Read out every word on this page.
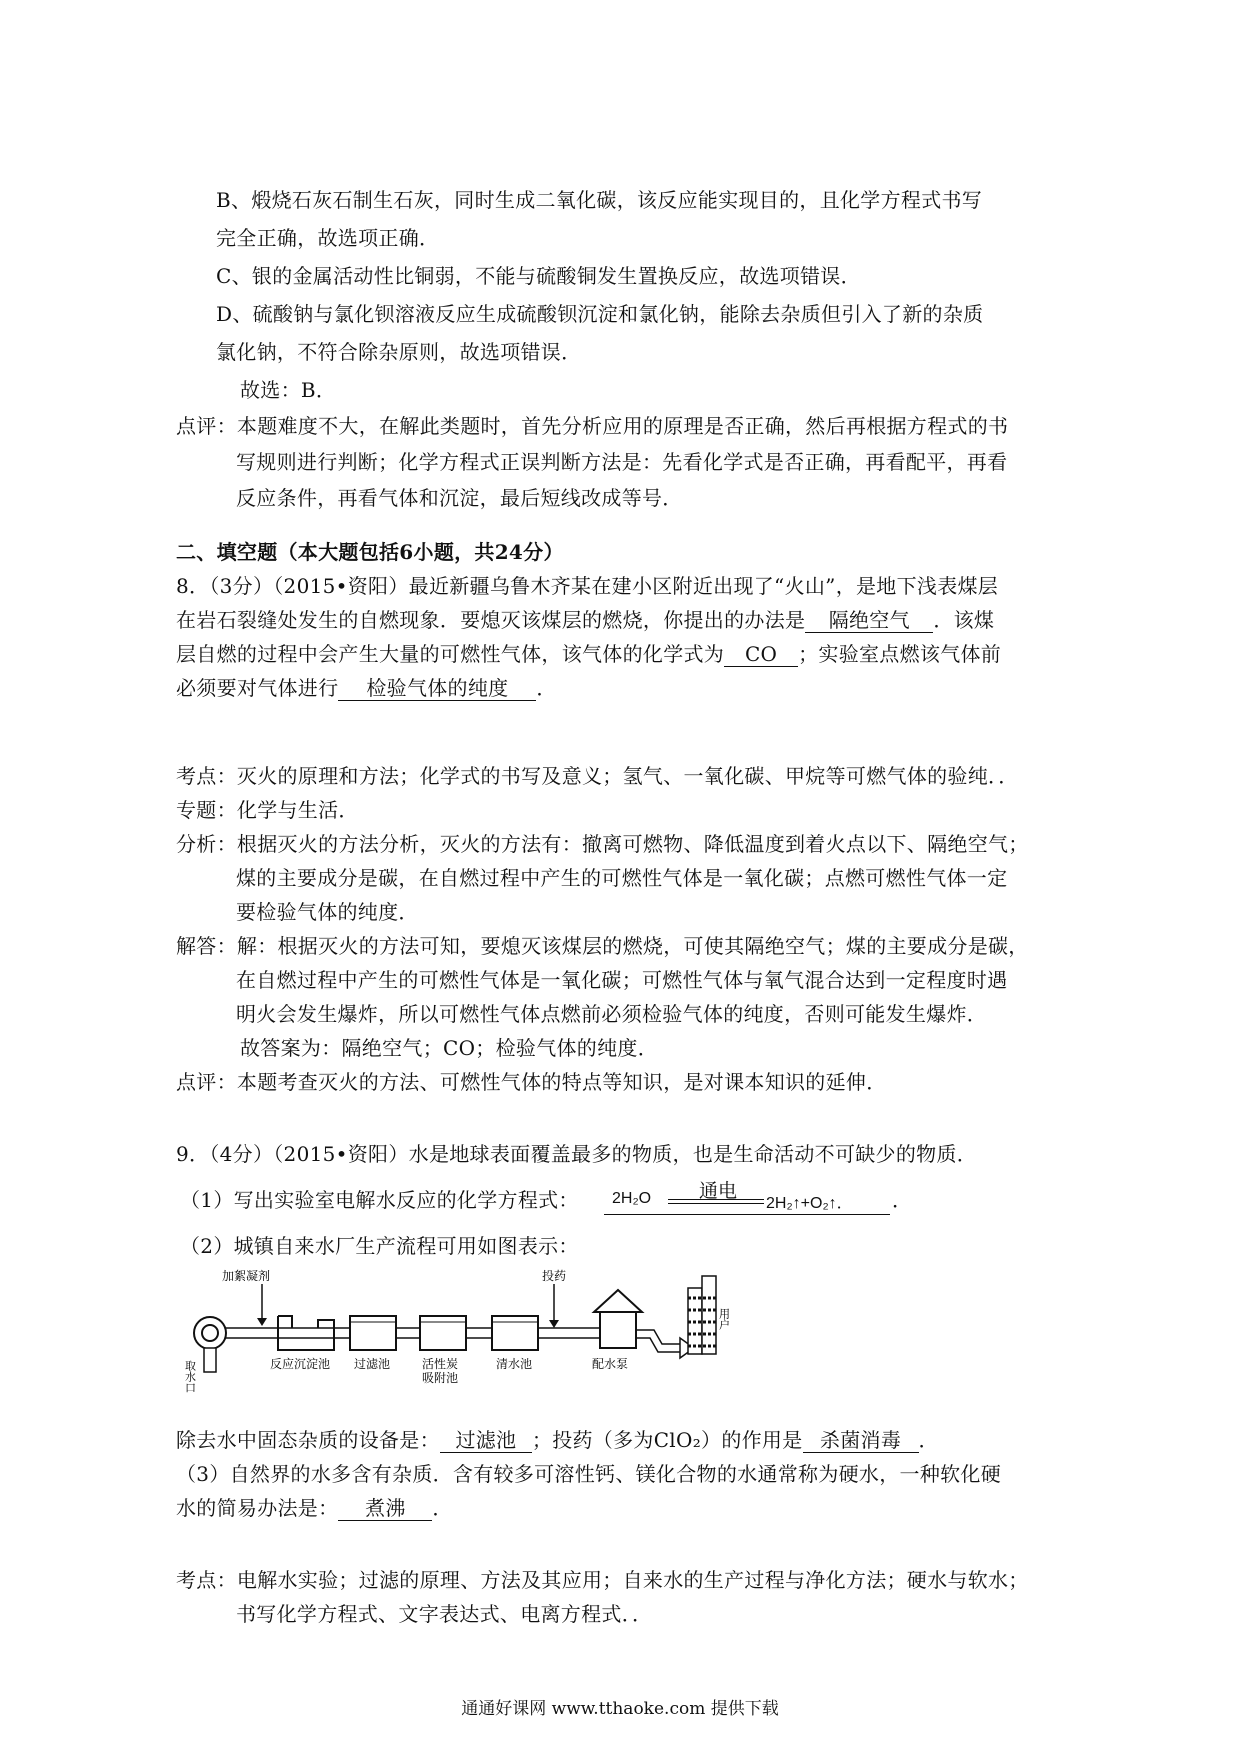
B、煅烧石灰石制生石灰，同时生成二氧化碳，该反应能实现目的，且化学方程式书写
完全正确，故选项正确．
C、银的金属活动性比铜弱，不能与硫酸铜发生置换反应，故选项错误．
D、硫酸钠与氯化钡溶液反应生成硫酸钡沉淀和氯化钠，能除去杂质但引入了新的杂质
氯化钠，不符合除杂原则，故选项错误．
故选：B．
点评：本题难度不大，在解此类题时，首先分析应用的原理是否正确，然后再根据方程式的书
写规则进行判断；化学方程式正误判断方法是：先看化学式是否正确，再看配平，再看
反应条件，再看气体和沉淀，最后短线改成等号．
二、填空题（本大题包括6小题，共24分）
8．（3分）（2015•资阳）最近新疆乌鲁木齐某在建小区附近出现了“火山”，是地下浅表煤层
在岩石裂缝处发生的自燃现象．要熄灭该煤层的燃烧，你提出的办法是 隔绝空气 ．该煤
层自燃的过程中会产生大量的可燃性气体，该气体的化学式为 CO ；实验室点燃该气体前
必须要对气体进行 检验气体的纯度 ．
考点：灭火的原理和方法；化学式的书写及意义；氢气、一氧化碳、甲烷等可燃气体的验纯．．
专题：化学与生活．
分析：根据灭火的方法分析，灭火的方法有：撤离可燃物、降低温度到着火点以下、隔绝空气；
煤的主要成分是碳，在自燃过程中产生的可燃性气体是一氧化碳；点燃可燃性气体一定
要检验气体的纯度．
解答：解：根据灭火的方法可知，要熄灭该煤层的燃烧，可使其隔绝空气；煤的主要成分是碳，
在自燃过程中产生的可燃性气体是一氧化碳；可燃性气体与氧气混合达到一定程度时遇
明火会发生爆炸，所以可燃性气体点燃前必须检验气体的纯度，否则可能发生爆炸．
故答案为：隔绝空气；CO；检验气体的纯度．
点评：本题考查灭火的方法、可燃性气体的特点等知识，是对课本知识的延伸．
9．（4分）（2015•资阳）水是地球表面覆盖最多的物质，也是生命活动不可缺少的物质．
（1）写出实验室电解水反应的化学方程式： 2H₂O	通电
2H₂↑+O₂↑． ．
（2）城镇自来水厂生产流程可用如图表示：
取水口
加絮凝剂
反应沉淀池 过滤池	活性炭
吸附池
清水池
投药
配水泵
用户
除去水中固态杂质的设备是： 过滤池 ；投药（多为ClO₂）的作用是 杀菌消毒 ．
（3）自然界的水多含有杂质．含有较多可溶性钙、镁化合物的水通常称为硬水，一种软化硬
水的简易办法是： 煮沸 ．
考点：电解水实验；过滤的原理、方法及其应用；自来水的生产过程与净化方法；硬水与软水；
书写化学方程式、文字表达式、电离方程式．．
通通好课网 www.tthaoke.com 提供下载
